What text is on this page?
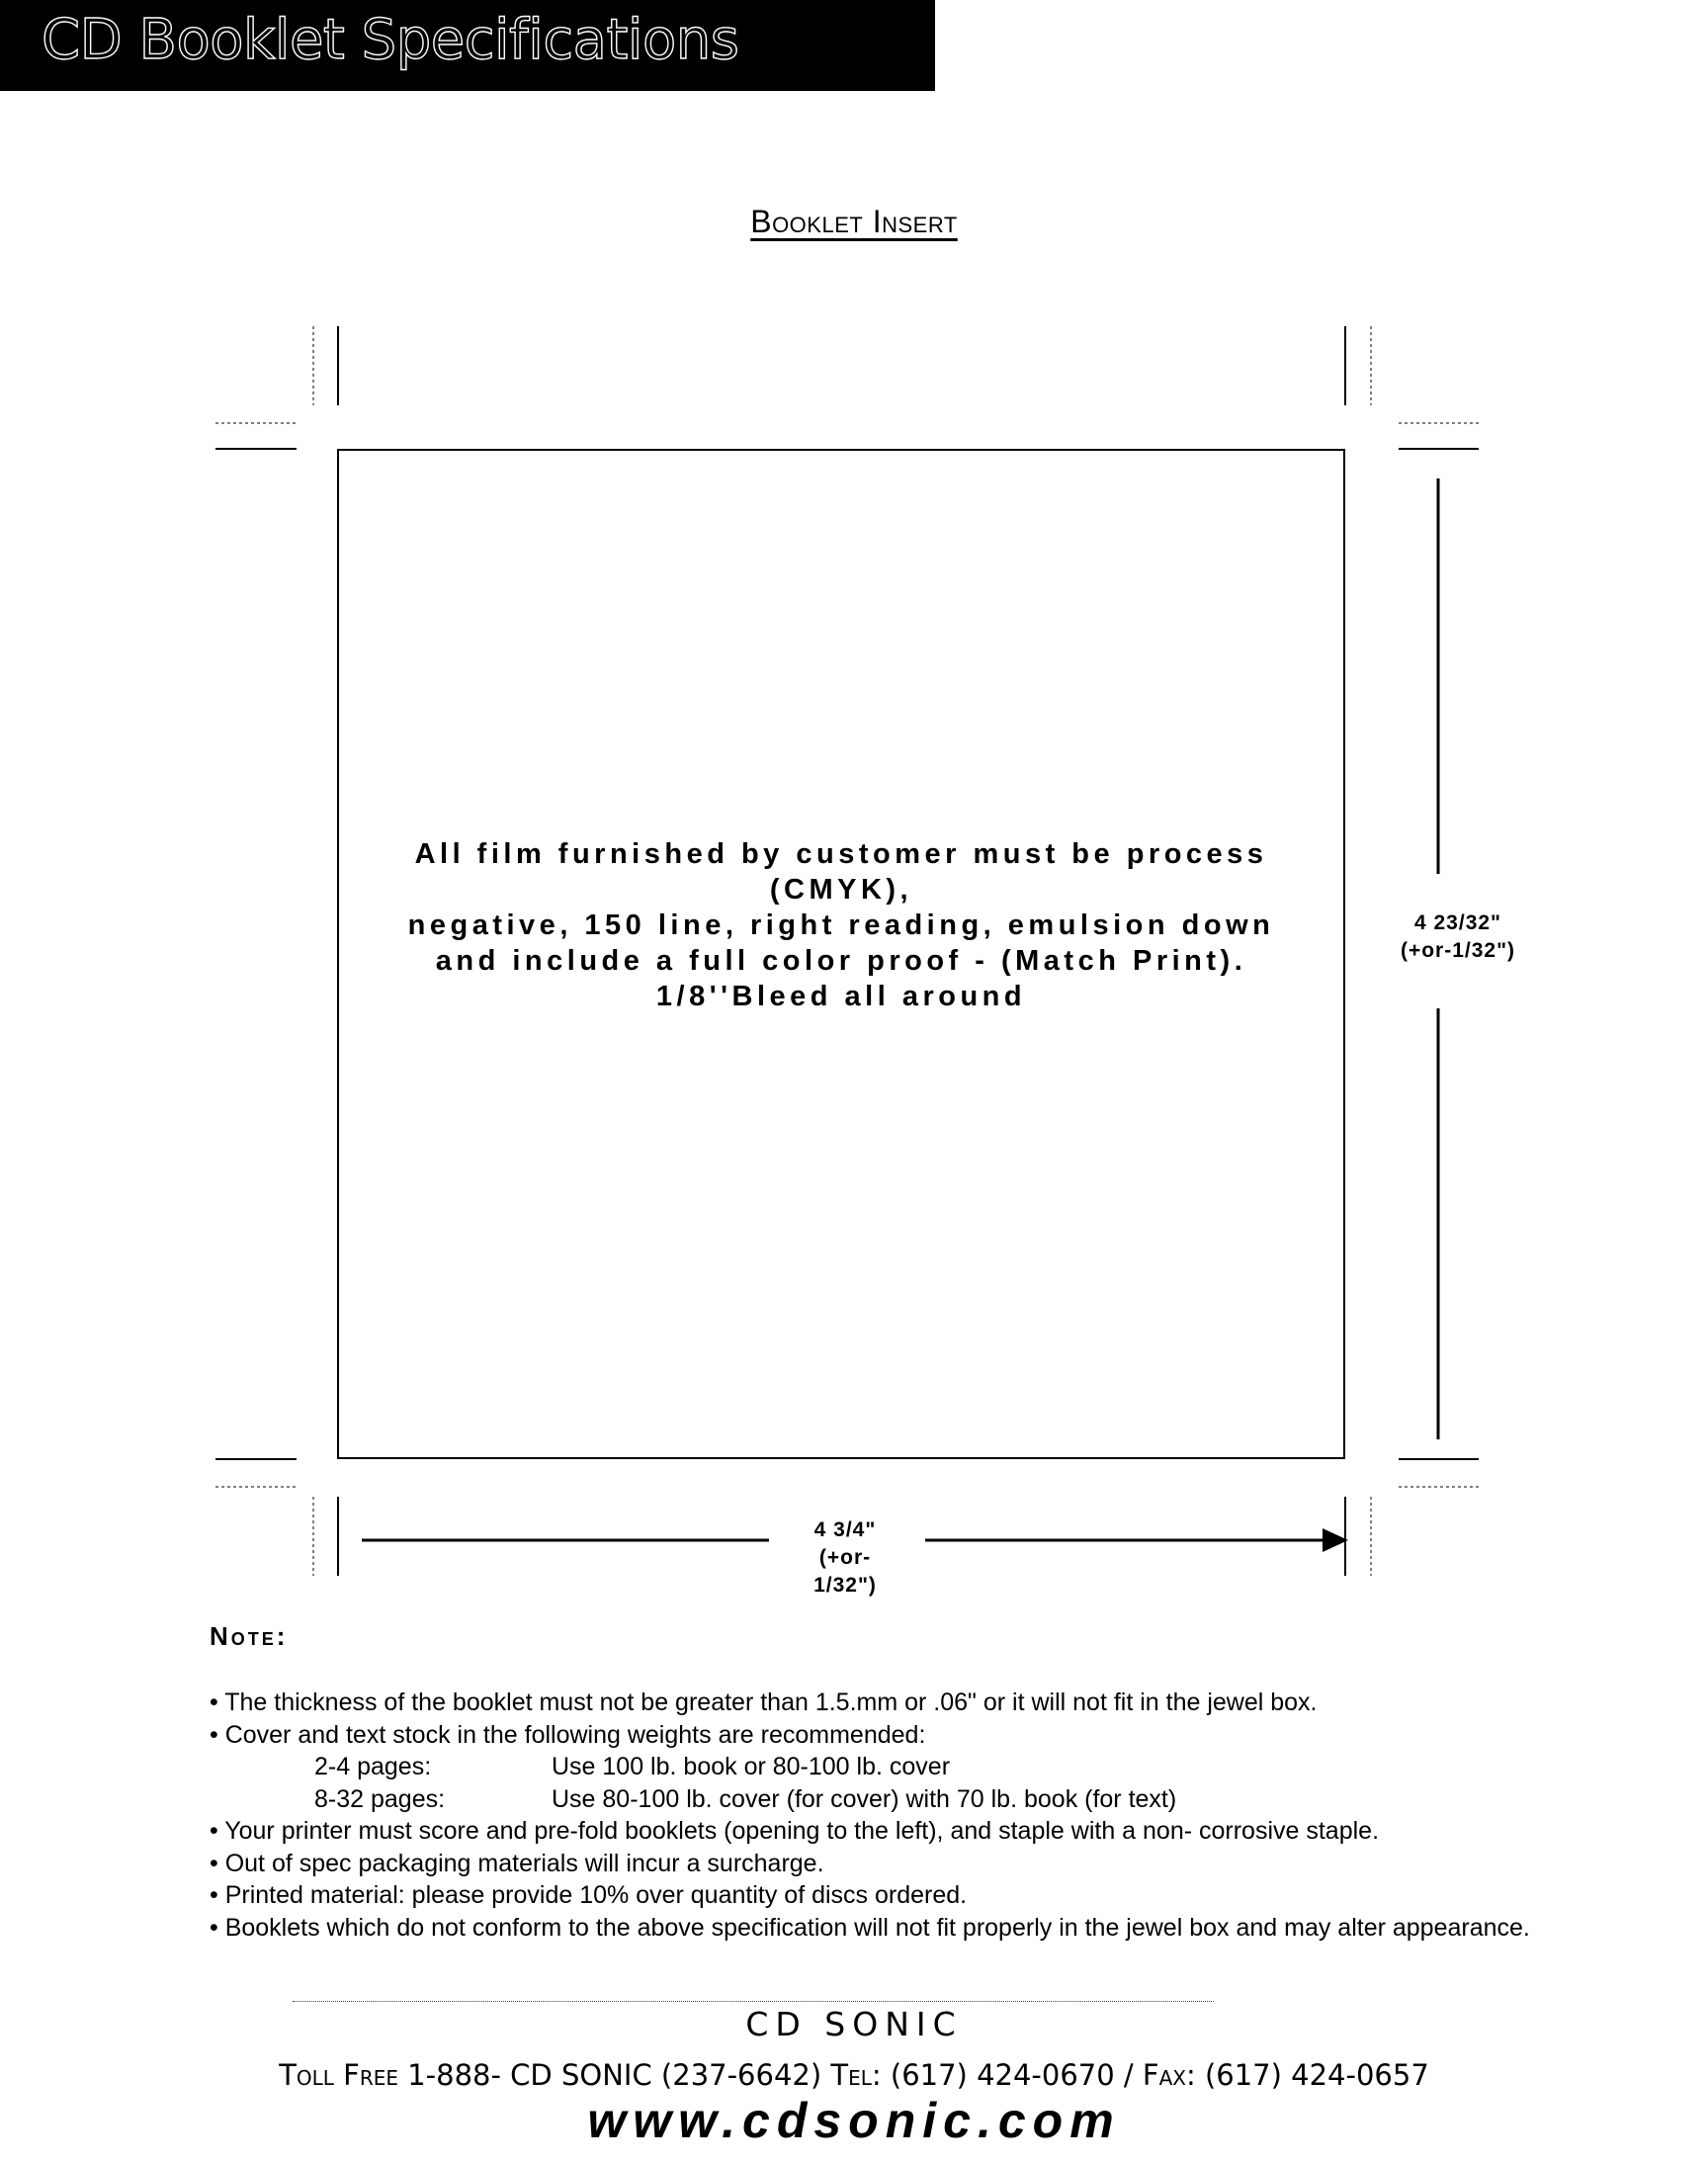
CD Booklet Specifications
Booklet Insert
All film furnished by customer must be process (CMYK),
negative, 150 line, right reading, emulsion down and include a full color proof - (Match Print).
1/8''Bleed all around
4 23/32"
(+or-1/32")
4 3/4"
(+or-
1/32")
Note:
• The thickness of the booklet must not be greater than 1.5.mm or .06" or it will not fit in the jewel box.
• Cover and text stock in the following weights are recommended:
2-4 pages:	Use 100 lb. book or 80-100 lb. cover
8-32 pages:	Use 80-100 lb. cover (for cover) with 70 lb. book (for text)
• Your printer must score and pre-fold booklets (opening to the left), and staple with a non- corrosive staple.
• Out of spec packaging materials will incur a surcharge.
• Printed material: please provide 10% over quantity of discs ordered.
• Booklets which do not conform to the above specification will not fit properly in the jewel box and may alter appearance.
CD SONIC
Toll Free 1-888- CD SONIC (237-6642) Tel: (617) 424-0670 / Fax: (617) 424-0657
www.cdsonic.com
